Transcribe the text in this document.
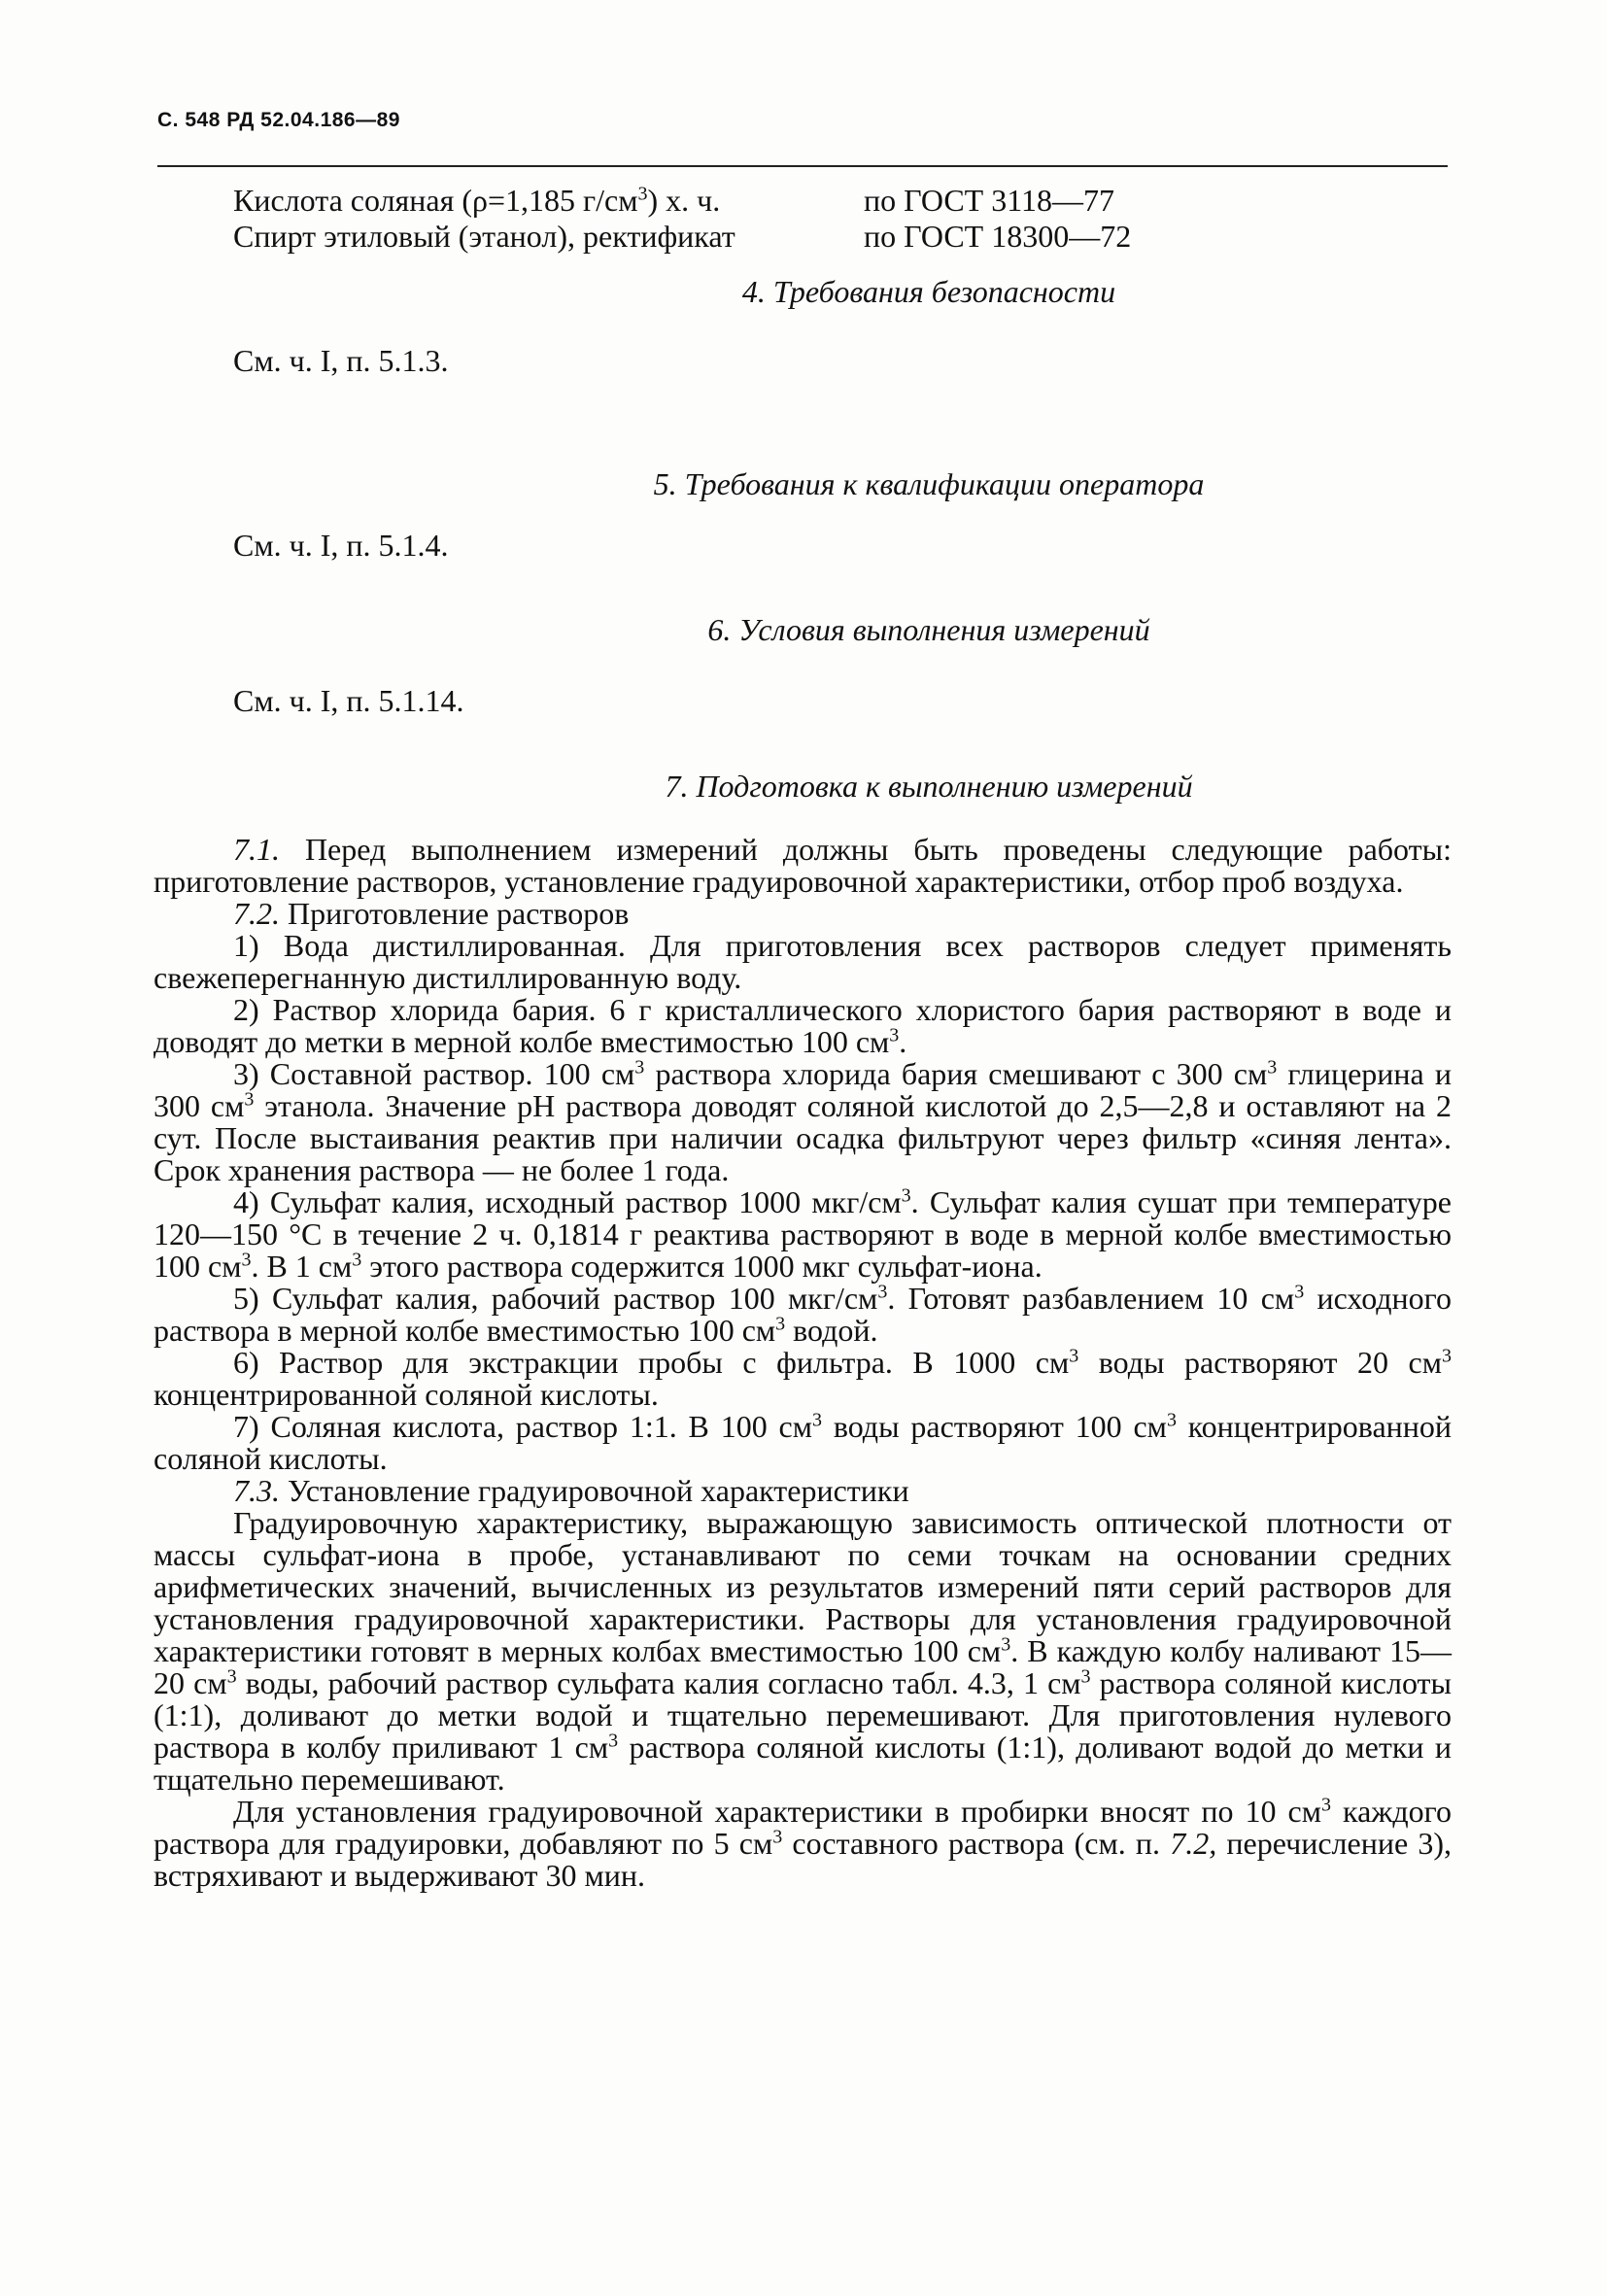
С. 548 РД 52.04.186—89
Кислота соляная (ρ=1,185 $г/см^3$) х. ч.	по ГОСТ 3118—77
Спирт этиловый (этанол), ректификат	по ГОСТ 18300—72
4. Требования безопасности
См. ч. I, п. 5.1.3.
5. Требования к квалификации оператора
См. ч. I, п. 5.1.4.
6. Условия выполнения измерений
См. ч. I, п. 5.1.14.
7. Подготовка к выполнению измерений

7.1. Перед выполнением измерений должны быть проведены следующие работы: приготовление растворов, установление градуировочной характеристики, отбор проб воздуха.

7.2. Приготовление растворов

1) Вода дистиллированная. Для приготовления всех растворов следует применять свежеперегнанную дистиллированную воду.

2) Раствор хлорида бария. 6 г кристаллического хлористого бария растворяют в воде и доводят до метки в мерной колбе вместимостью 100 $см^3$.

3) Составной раствор. 100 $см^3$ раствора хлорида бария смешивают с 300 $см^3$ глицерина и 300 $см^3$ этанола. Значение pH раствора доводят соляной кислотой до 2,5—2,8 и оставляют на 2 сут. После выстаивания реактив при наличии осадка фильтруют через фильтр «синяя лента». Срок хранения раствора — не более 1 года.

4) Сульфат калия, исходный раствор 1000 мкг/$см^3$. Сульфат калия сушат при температуре 120—150 °С в течение 2 ч. 0,1814 г реактива растворяют в воде в мерной колбе вместимостью 100 $см^3$. В 1 $см^3$ этого раствора содержится 1000 мкг сульфат-иона.

5) Сульфат калия, рабочий раствор 100 мкг/$см^3$. Готовят разбавлением 10 $см^3$ исходного раствора в мерной колбе вместимостью 100 $см^3$ водой.

6) Раствор для экстракции пробы с фильтра. В 1000 $см^3$ воды растворяют 20 $см^3$ концентрированной соляной кислоты.

7) Соляная кислота, раствор 1:1. В 100 $см^3$ воды растворяют 100 $см^3$ концентрированной соляной кислоты.

7.3. Установление градуировочной характеристики

Градуировочную характеристику, выражающую зависимость оптической плотности от массы сульфат-иона в пробе, устанавливают по семи точкам на основании средних арифметических значений, вычисленных из результатов измерений пяти серий растворов для установления градуировочной характеристики. Растворы для установления градуировочной характеристики готовят в мерных колбах вместимостью 100 $см^3$. В каждую колбу наливают 15—20 $см^3$ воды, рабочий раствор сульфата калия согласно табл. 4.3, 1 $см^3$ раствора соляной кислоты (1:1), доливают до метки водой и тщательно перемешивают. Для приготовления нулевого раствора в колбу приливают 1 $см^3$ раствора соляной кислоты (1:1), доливают водой до метки и тщательно перемешивают.

Для установления градуировочной характеристики в пробирки вносят по 10 $см^3$ каждого раствора для градуировки, добавляют по 5 $см^3$ составного раствора (см. п. 7.2, перечисление 3), встряхивают и выдерживают 30 мин.
